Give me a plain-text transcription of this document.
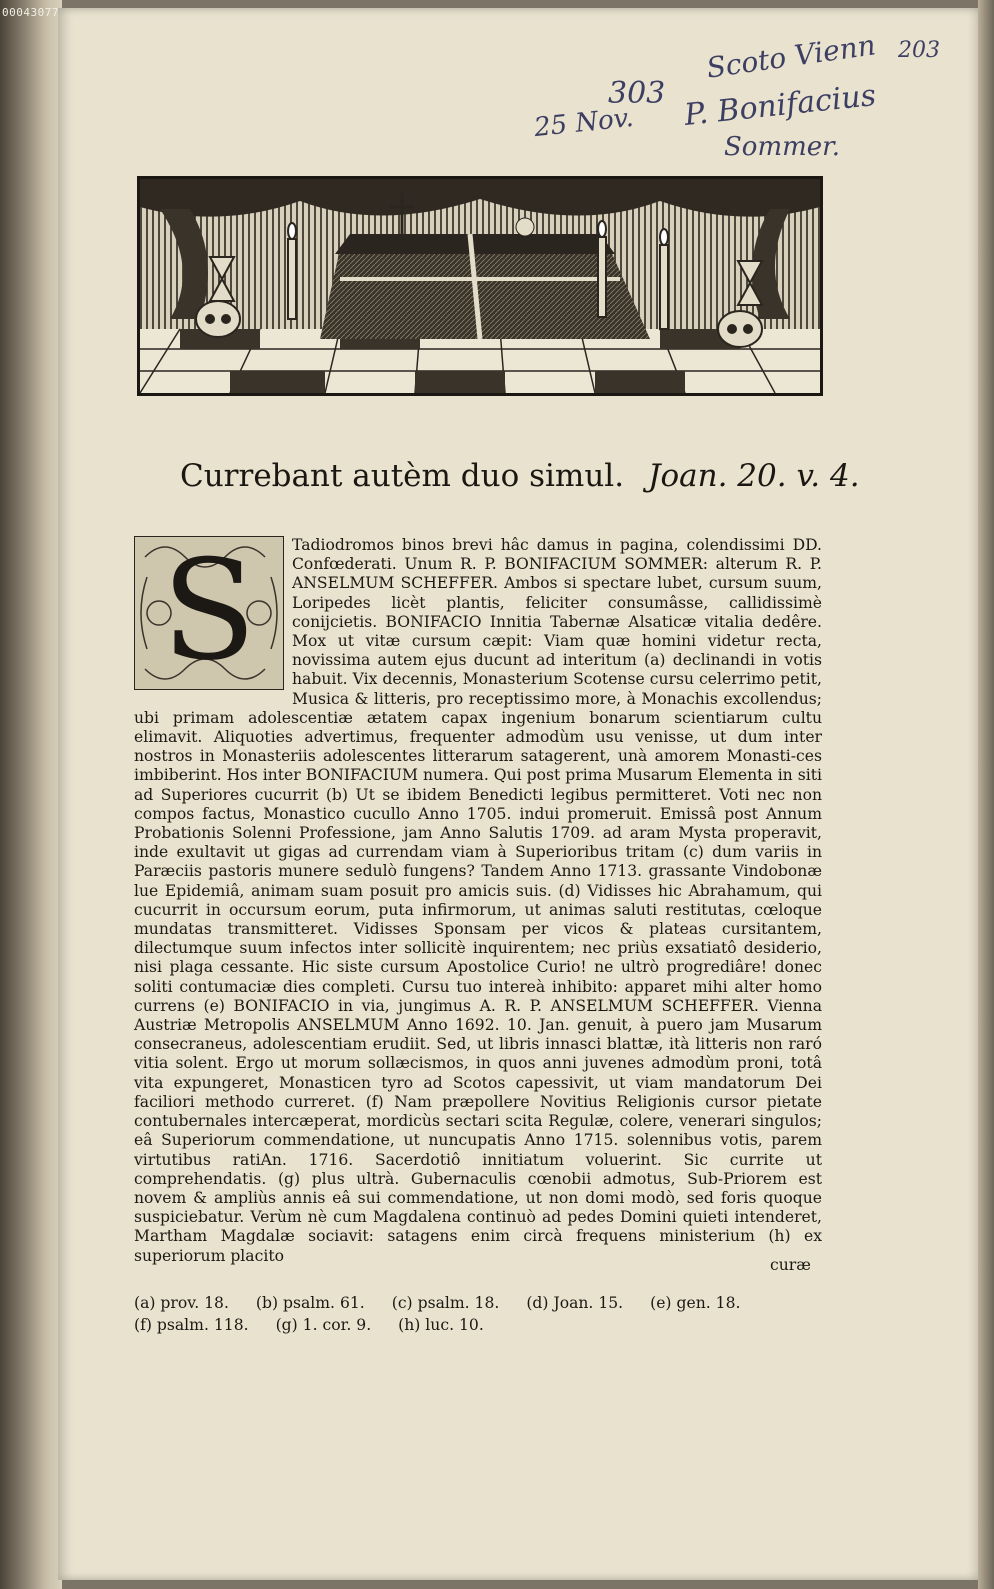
00043077
203
Scoto Vienn
303
25 Nov. P. Bonifacius
Sommer.
Currebant autèm duo simul. Joan. 20. v. 4.
S	Tadiodromos binos brevi hâc damus in pagina, colendissimi DD. Confœderati. Unum R. P. BONIFACIUM SOMMER: alterum R. P. ANSELMUM SCHEFFER. Ambos si spectare lubet, cursum suum, Loripedes licèt plantis, feliciter consumâsse, callidissimè conijcietis. BONIFACIO Innitia Tabernæ Alsaticæ vitalia dedêre. Mox ut vitæ cursum cæpit: Viam quæ homini videtur recta, novissima autem ejus ducunt ad interitum (a) declinandi in votis habuit. Vix decennis, Monasterium Scotense cursu celerrimo petit, Musica & litteris, pro receptissimo more, à Monachis excollendus; ubi primam adolescentiæ ætatem capax ingenium bonarum scientiarum cultu elimavit. Aliquoties advertimus, frequenter admodùm usu venisse, ut dum inter nostros in Monasteriis adolescentes litterarum satagerent, unà amorem Monasti-ces imbiberint. Hos inter BONIFACIUM numera. Qui post prima Musarum Elementa in siti ad Superiores cucurrit (b) Ut se ibidem Benedicti legibus permitteret. Voti nec non compos factus, Monastico cucullo Anno 1705. indui promeruit. Emissâ post Annum Probationis Solenni Professione, jam Anno Salutis 1709. ad aram Mysta properavit, inde exultavit ut gigas ad currendam viam à Superioribus tritam (c) dum variis in Paræciis pastoris munere sedulò fungens? Tandem Anno 1713. grassante Vindobonæ lue Epidemiâ, animam suam posuit pro amicis suis. (d) Vidisses hic Abrahamum, qui cucurrit in occursum eorum, puta infirmorum, ut animas saluti restitutas, cœloque mundatas transmitteret. Vidisses Sponsam per vicos & plateas cursitantem, dilectumque suum infectos inter sollicitè inquirentem; nec priùs exsatiatô desiderio, nisi plaga cessante. Hic siste cursum Apostolice Curio! ne ultrò progrediâre! donec soliti contumaciæ dies completi. Cursu tuo intereà inhibito: apparet mihi alter homo currens (e) BONIFACIO in via, jungimus A. R. P. ANSELMUM SCHEFFER. Vienna Austriæ Metropolis ANSELMUM Anno 1692. 10. Jan. genuit, à puero jam Musarum consecraneus, adolescentiam erudiit. Sed, ut libris innasci blattæ, ità litteris non raró vitia solent. Ergo ut morum sollæcismos, in quos anni juvenes admodùm proni, totâ vita expungeret, Monasticen tyro ad Scotos capessivit, ut viam mandatorum Dei faciliori methodo curreret. (f) Nam præpollere Novitius Religionis cursor pietate contubernales intercæperat, mordicùs sectari scita Regulæ, colere, venerari singulos; eâ Superiorum commendatione, ut nuncupatis Anno 1715. solennibus votis, parem virtutibus ratiAn. 1716. Sacerdotiô innitiatum voluerint. Sic currite ut comprehendatis. (g) plus ultrà. Gubernaculis cœnobii admotus, Sub-Priorem est novem & ampliùs annis eâ sui commendatione, ut non domi modò, sed foris quoque suspiciebatur. Verùm nè cum Magdalena continuò ad pedes Domini quieti intenderet, Martham Magdalæ sociavit: satagens enim circà frequens ministerium (h) ex superiorum placito
curæ
(a) prov. 18. (b) psalm. 61. (c) psalm. 18. (d) Joan. 15. (e) gen. 18.
(f) psalm. 118. (g) 1. cor. 9. (h) luc. 10.
